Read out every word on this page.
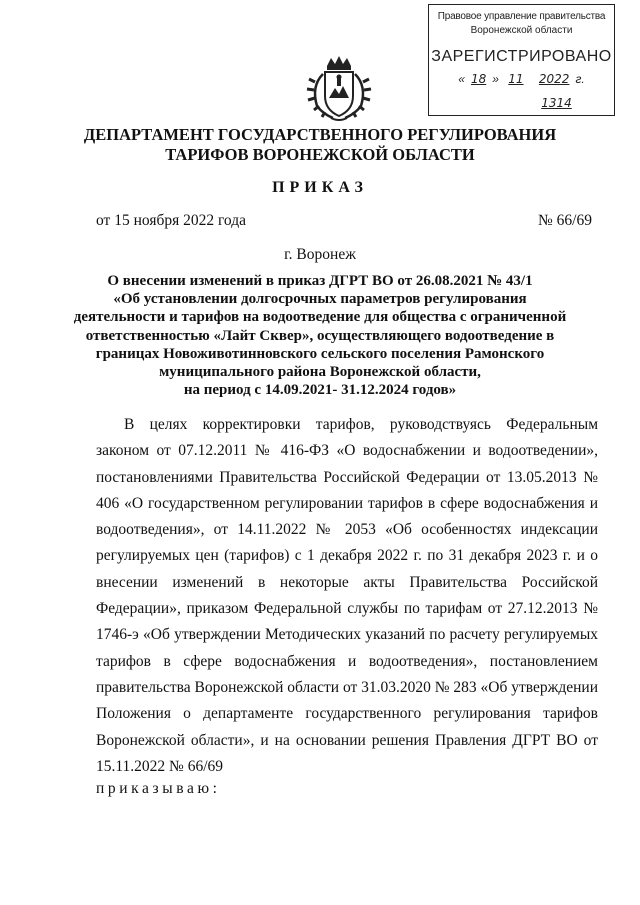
Правовое управление правительства
Воронежской области
ЗАРЕГИСТРИРОВАНО
« 18 » 11 2022 г.
1314
ДЕПАРТАМЕНТ ГОСУДАРСТВЕННОГО РЕГУЛИРОВАНИЯ
ТАРИФОВ ВОРОНЕЖСКОЙ ОБЛАСТИ
ПРИКАЗ
от 15 ноября 2022 года	№ 66/69
г. Воронеж
О внесении изменений в приказ ДГРТ ВО от 26.08.2021 № 43/1
«Об установлении долгосрочных параметров регулирования
деятельности и тарифов на водоотведение для общества с ограниченной
ответственностью «Лайт Сквер», осуществляющего водоотведение в
границах Новоживотинновского сельского поселения Рамонского
муниципального района Воронежской области,
на период с 14.09.2021- 31.12.2024 годов»
В целях корректировки тарифов, руководствуясь Федеральным законом от 07.12.2011 № 416-ФЗ «О водоснабжении и водоотведении», постановлениями Правительства Российской Федерации от 13.05.2013 № 406 «О государственном регулировании тарифов в сфере водоснабжения и водоотведения», от 14.11.2022 № 2053 «Об особенностях индексации регулируемых цен (тарифов) с 1 декабря 2022 г. по 31 декабря 2023 г. и о внесении изменений в некоторые акты Правительства Российской Федерации», приказом Федеральной службы по тарифам от 27.12.2013 № 1746-э «Об утверждении Методических указаний по расчету регулируемых тарифов в сфере водоснабжения и водоотведения», постановлением правительства Воронежской области от 31.03.2020 № 283 «Об утверждении Положения о департаменте государственного регулирования тарифов Воронежской области», и на основании решения Правления ДГРТ ВО от 15.11.2022 № 66/69
приказываю:
